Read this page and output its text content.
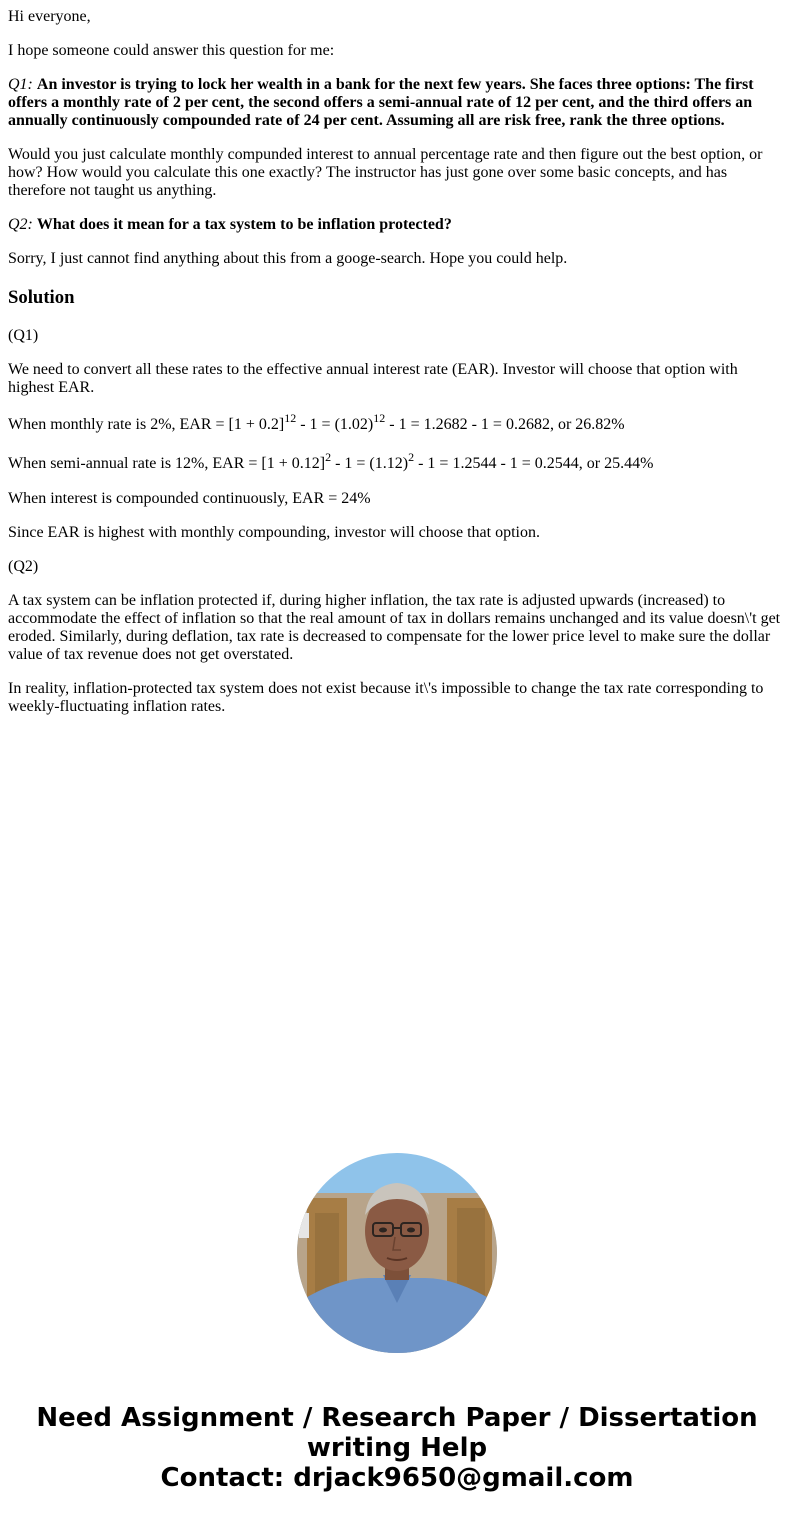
Hi everyone,

I hope someone could answer this question for me:

Q1: An investor is trying to lock her wealth in a bank for the next few years. She faces three options: The first offers a monthly rate of 2 per cent, the second offers a semi-annual rate of 12 per cent, and the third offers an annually continuously compounded rate of 24 per cent. Assuming all are risk free, rank the three options.

Would you just calculate monthly compunded interest to annual percentage rate and then figure out the best option, or how? How would you calculate this one exactly? The instructor has just gone over some basic concepts, and has therefore not taught us anything.

Q2: What does it mean for a tax system to be inflation protected?

Sorry, I just cannot find anything about this from a googe-search. Hope you could help.

Solution

(Q1)

We need to convert all these rates to the effective annual interest rate (EAR). Investor will choose that option with highest EAR.

When monthly rate is 2%, EAR = $[1 + 0.2]^{12} - 1 = (1.02)^{12} - 1 = 1.2682 - 1 = 0.2682$, or 26.82%

When semi-annual rate is 12%, EAR = $[1 + 0.12]^2 - 1 = (1.12)^2 - 1 = 1.2544 - 1 = 0.2544$, or 25.44%

When interest is compounded continuously, EAR = 24%

Since EAR is highest with monthly compounding, investor will choose that option.

(Q2)

A tax system can be inflation protected if, during higher inflation, the tax rate is adjusted upwards (increased) to accommodate the effect of inflation so that the real amount of tax in dollars remains unchanged and its value doesn\'t get eroded. Similarly, during deflation, tax rate is decreased to compensate for the lower price level to make sure the dollar value of tax revenue does not get overstated.

In reality, inflation-protected tax system does not exist because it\'s impossible to change the tax rate corresponding to weekly-fluctuating inflation rates.

Need Assignment / Research Paper / Dissertation
writing Help
Contact: drjack9650@gmail.com
